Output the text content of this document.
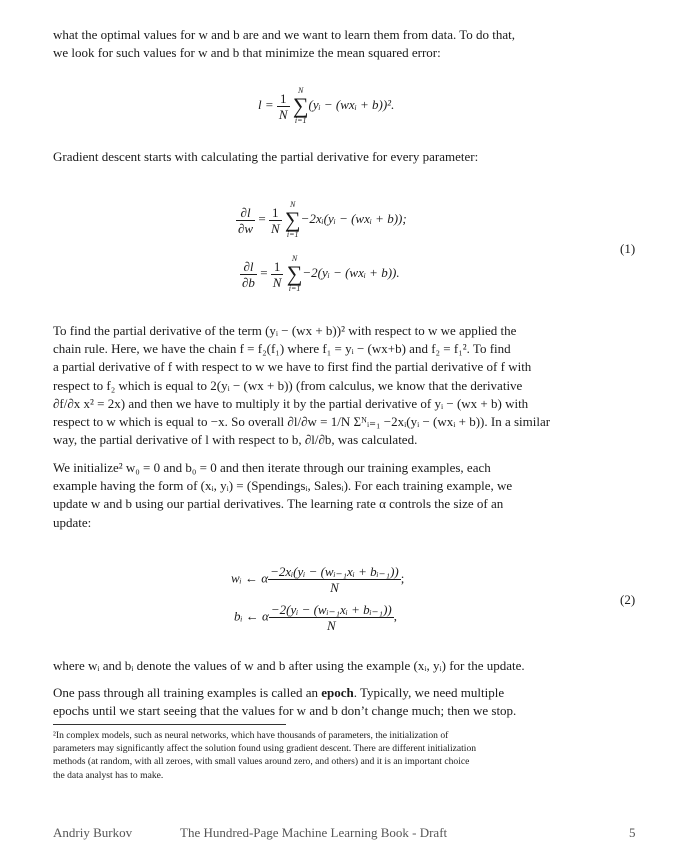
what the optimal values for w and b are and we want to learn them from data. To do that,
we look for such values for w and b that minimize the mean squared error:
$l = \frac{1}{N}$
	N
∑
i=1
(yᵢ − (wxᵢ + b))².
Gradient descent starts with calculating the partial derivative for every parameter:
$\frac{\partial l}{\partial w} = \frac{1}{N}$
	N
∑
i=1
−2xᵢ(yᵢ − (wxᵢ + b));
$\frac{\partial l}{\partial b} = \frac{1}{N}$
	N
∑
i=1
−2(yᵢ − (wxᵢ + b)).
(1)
To find the partial derivative of the term (yᵢ − (wx + b))² with respect to w we applied the
chain rule. Here, we have the chain f = f₂(f₁) where f₁ = yᵢ − (wx+b) and f₂ = f₁². To find
a partial derivative of f with respect to w we have to first find the partial derivative of f with
respect to f₂ which is equal to 2(yᵢ − (wx + b)) (from calculus, we know that the derivative
∂f/∂x x² = 2x) and then we have to multiply it by the partial derivative of yᵢ − (wx + b) with
respect to w which is equal to −x. So overall ∂l/∂w = 1/N Σᴺᵢ₌₁ −2xᵢ(yᵢ − (wxᵢ + b)). In a similar
way, the partial derivative of l with respect to b, ∂l/∂b, was calculated.
We initialize² w₀ = 0 and b₀ = 0 and then iterate through our training examples, each
example having the form of (xᵢ, yᵢ) = (Spendingsᵢ, Salesᵢ). For each training example, we
update w and b using our partial derivatives. The learning rate α controls the size of an
update:
wᵢ ← α $\frac{\text{−2xᵢ(yᵢ − (wᵢ₋₁xᵢ + bᵢ₋₁))}}{N}$ ;
bᵢ ← α $\frac{\text{−2(yᵢ − (wᵢ₋₁xᵢ + bᵢ₋₁))}}{N}$ ,
(2)
where wᵢ and bᵢ denote the values of w and b after using the example (xᵢ, yᵢ) for the update.
One pass through all training examples is called an epoch. Typically, we need multiple
epochs until we start seeing that the values for w and b don’t change much; then we stop.
²In complex models, such as neural networks, which have thousands of parameters, the initialization of
parameters may significantly affect the solution found using gradient descent. There are different initialization
methods (at random, with all zeroes, with small values around zero, and others) and it is an important choice
the data analyst has to make.
Andriy Burkov	The Hundred-Page Machine Learning Book - Draft	5
